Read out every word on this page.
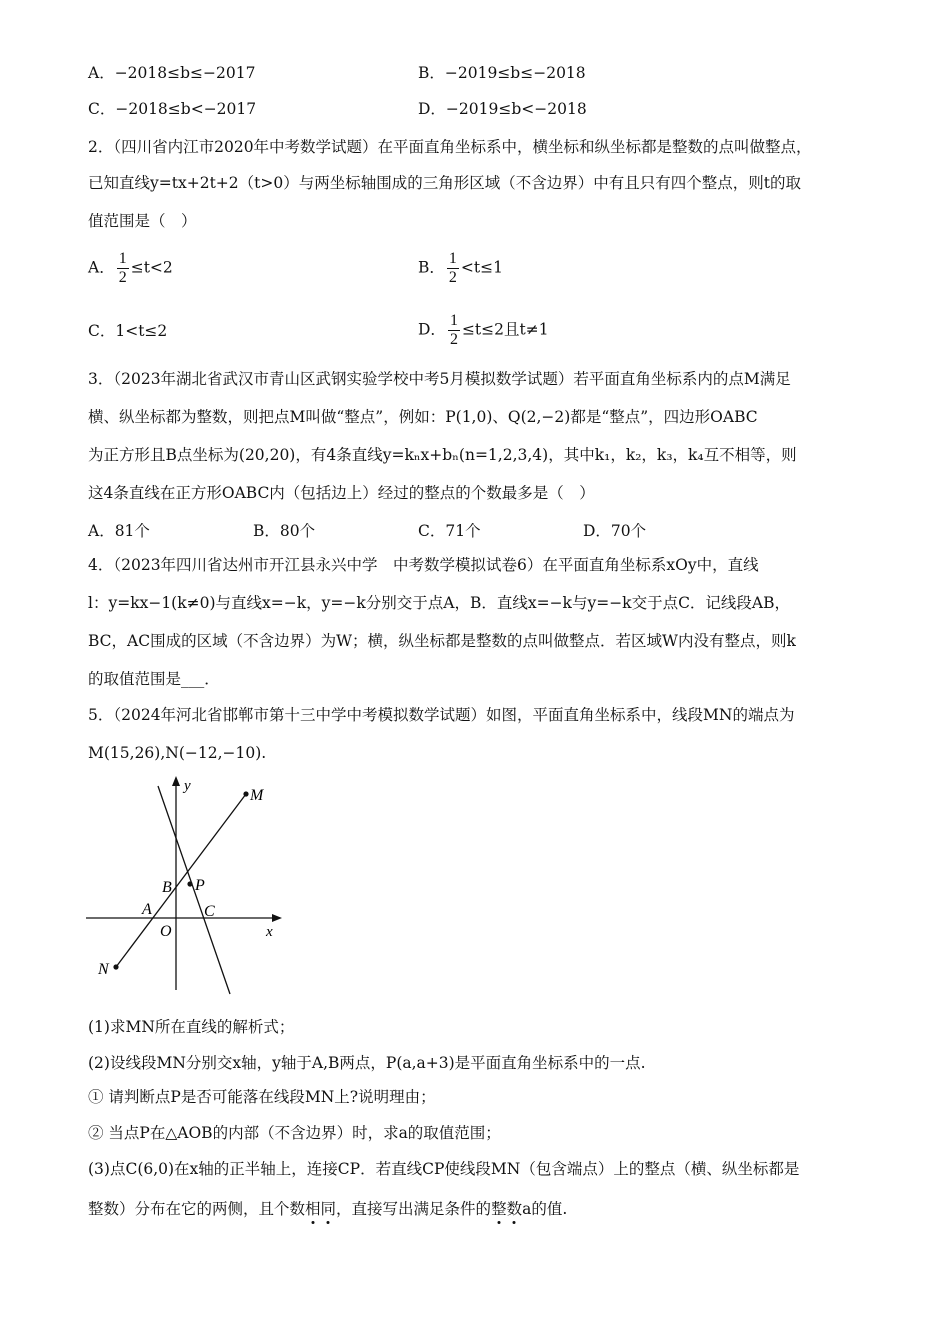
A．−2018≤b≤−2017	B．−2019≤b≤−2018
C．−2018≤b<−2017	D．−2019≤b<−2018
2．（四川省内江市2020年中考数学试题）在平面直角坐标系中，横坐标和纵坐标都是整数的点叫做整点，
已知直线y=tx+2t+2（t>0）与两坐标轴围成的三角形区域（不含边界）中有且只有四个整点，则t的取
值范围是（　）
A． $\frac{1}{2} \le t<2$	B． $\frac{1}{2} <t\le 1$
C．1<t≤2	D． $\frac{1}{2} \le t\le 2$且t≠1
3．（2023年湖北省武汉市青山区武钢实验学校中考5月模拟数学试题）若平面直角坐标系内的点M满足
横、纵坐标都为整数，则把点M叫做“整点”，例如：P(1,0)、Q(2,−2)都是“整点”，四边形OABC
为正方形且B点坐标为(20,20)，有4条直线y=kₙx+bₙ(n=1,2,3,4)，其中k₁，k₂，k₃，k₄互不相等，则
这4条直线在正方形OABC内（包括边上）经过的整点的个数最多是（　）
A．81个	B．80个	C．71个	D．70个
4．（2023年四川省达州市开江县永兴中学　中考数学模拟试卷6）在平面直角坐标系xOy中，直线
l：y=kx−1(k≠0)与直线x=−k，y=−k分别交于点A，B．直线x=−k与y=−k交于点C．记线段AB，
BC，AC围成的区域（不含边界）为W；横，纵坐标都是整数的点叫做整点．若区域W内没有整点，则k
的取值范围是___．
5．（2024年河北省邯郸市第十三中学中考模拟数学试题）如图，平面直角坐标系中，线段MN的端点为
M(15,26),N(−12,−10).
y
M
B P
A	C
O	x
N
(1)求MN所在直线的解析式；
(2)设线段MN分别交x轴，y轴于A,B两点，P(a,a+3)是平面直角坐标系中的一点.
① 请判断点P是否可能落在线段MN上?说明理由；
② 当点P在△AOB的内部（不含边界）时，求a的取值范围；
(3)点C(6,0)在x轴的正半轴上，连接CP．若直线CP使线段MN（包含端点）上的整点（横、纵坐标都是
整数）分布在它的两侧，且个数相同，直接写出满足条件的整数a的值.
